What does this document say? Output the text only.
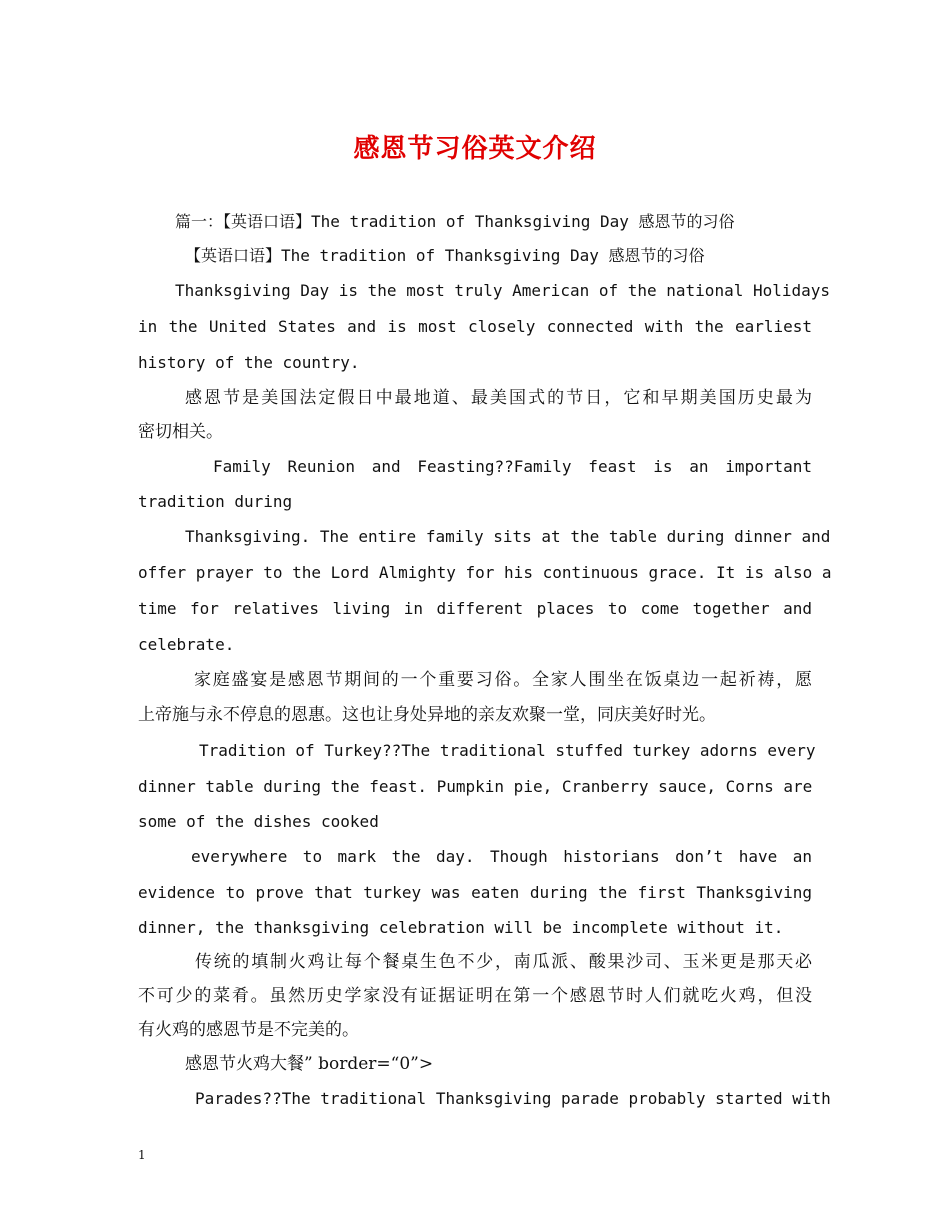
感恩节习俗英文介绍
篇一：【英语口语】The tradition of Thanksgiving Day 感恩节的习俗
【英语口语】The tradition of Thanksgiving Day 感恩节的习俗
Thanksgiving Day is the most truly American of the national Holidays
in the United States and is most closely connected with the earliest
history of the country.
感恩节是美国法定假日中最地道、最美国式的节日，它和早期美国历史最为
密切相关。
Family Reunion and Feasting??Family feast is an important
tradition during
Thanksgiving. The entire family sits at the table during dinner and
offer prayer to the Lord Almighty for his continuous grace. It is also a
time for relatives living in different places to come together and
celebrate.
家庭盛宴是感恩节期间的一个重要习俗。全家人围坐在饭桌边一起祈祷，愿
上帝施与永不停息的恩惠。这也让身处异地的亲友欢聚一堂，同庆美好时光。
Tradition of Turkey??The traditional stuffed turkey adorns every
dinner table during the feast. Pumpkin pie, Cranberry sauce, Corns are
some of the dishes cooked
everywhere to mark the day. Though historians don’t have an
evidence to prove that turkey was eaten during the first Thanksgiving
dinner, the thanksgiving celebration will be incomplete without it.
传统的填制火鸡让每个餐桌生色不少，南瓜派、酸果沙司、玉米更是那天必
不可少的菜肴。虽然历史学家没有证据证明在第一个感恩节时人们就吃火鸡，但没
有火鸡的感恩节是不完美的。
感恩节火鸡大餐” border=“0”>
Parades??The traditional Thanksgiving parade probably started with
1
